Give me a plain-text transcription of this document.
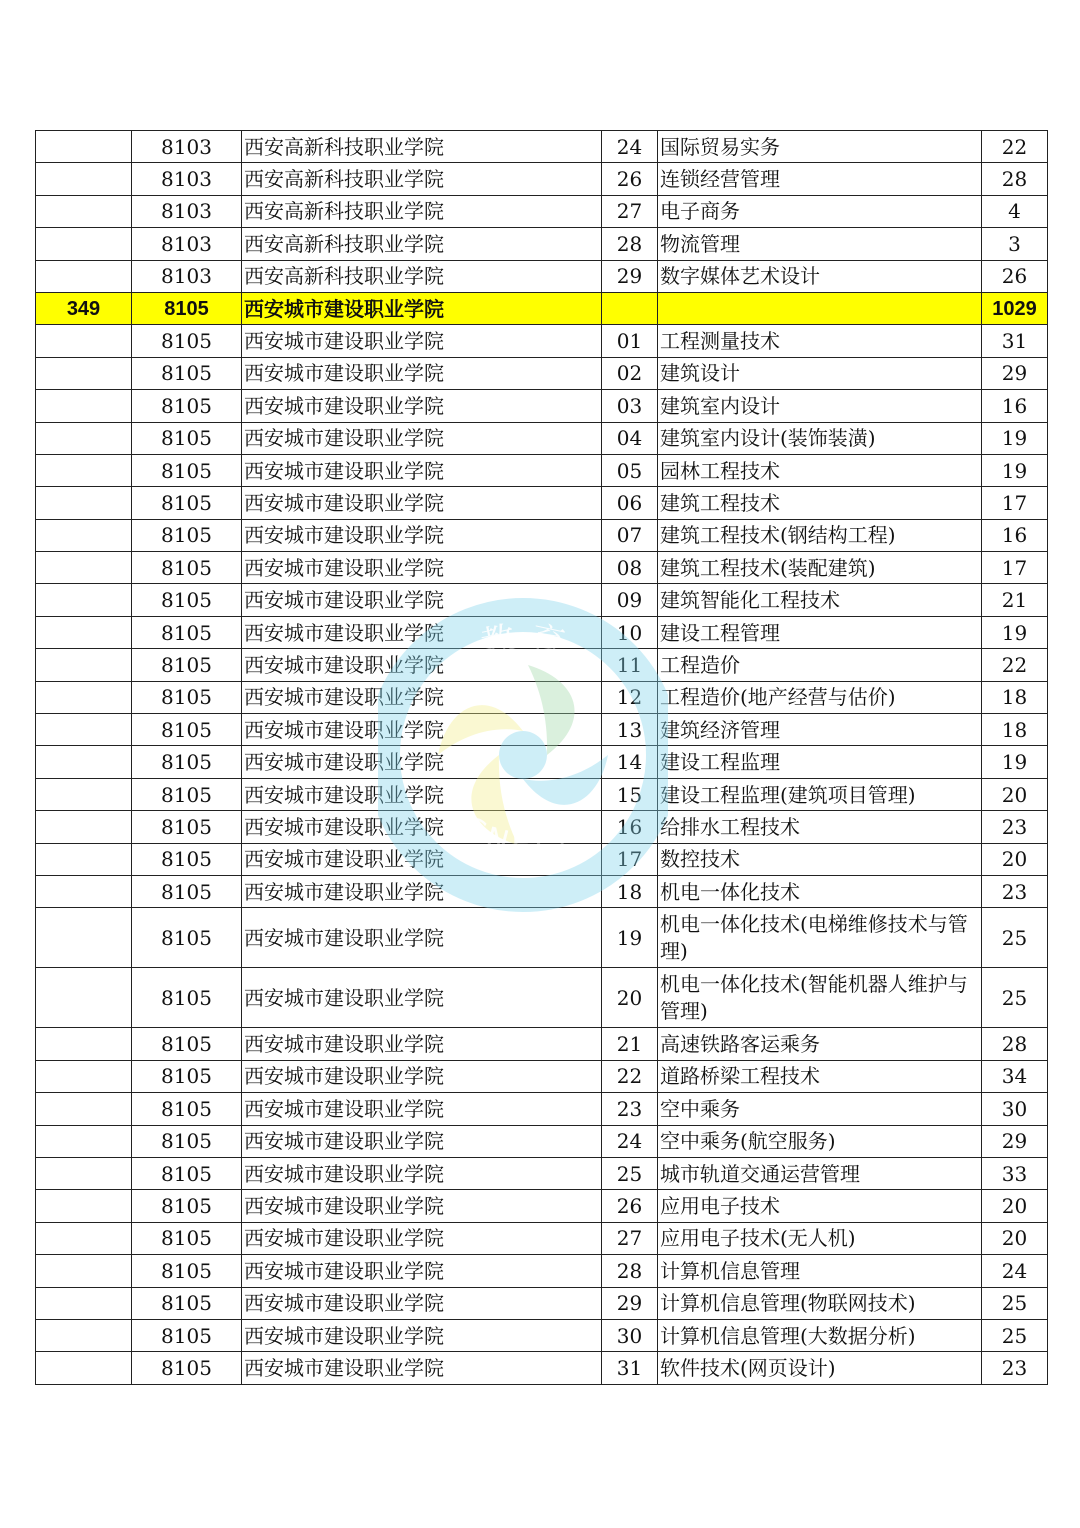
	8103	西安高新科技职业学院	24	国际贸易实务	22
	8103	西安高新科技职业学院	26	连锁经营管理	28
	8103	西安高新科技职业学院	27	电子商务	4
	8103	西安高新科技职业学院	28	物流管理	3
	8103	西安高新科技职业学院	29	数字媒体艺术设计	26
349	8105	西安城市建设职业学院			1029
	8105	西安城市建设职业学院	01	工程测量技术	31
	8105	西安城市建设职业学院	02	建筑设计	29
	8105	西安城市建设职业学院	03	建筑室内设计	16
	8105	西安城市建设职业学院	04	建筑室内设计(装饰装潢)	19
	8105	西安城市建设职业学院	05	园林工程技术	19
	8105	西安城市建设职业学院	06	建筑工程技术	17
	8105	西安城市建设职业学院	07	建筑工程技术(钢结构工程)	16
	8105	西安城市建设职业学院	08	建筑工程技术(装配建筑)	17
	8105	西安城市建设职业学院	09	建筑智能化工程技术	21
	8105	西安城市建设职业学院	10	建设工程管理	19
	8105	西安城市建设职业学院	11	工程造价	22
	8105	西安城市建设职业学院	12	工程造价(地产经营与估价)	18
	8105	西安城市建设职业学院	13	建筑经济管理	18
	8105	西安城市建设职业学院	14	建设工程监理	19
	8105	西安城市建设职业学院	15	建设工程监理(建筑项目管理)	20
	8105	西安城市建设职业学院	16	给排水工程技术	23
	8105	西安城市建设职业学院	17	数控技术	20
	8105	西安城市建设职业学院	18	机电一体化技术	23
	8105	西安城市建设职业学院	19	机电一体化技术(电梯维修技术与管理)	25
	8105	西安城市建设职业学院	20	机电一体化技术(智能机器人维护与管理)	25
	8105	西安城市建设职业学院	21	高速铁路客运乘务	28
	8105	西安城市建设职业学院	22	道路桥梁工程技术	34
	8105	西安城市建设职业学院	23	空中乘务	30
	8105	西安城市建设职业学院	24	空中乘务(航空服务)	29
	8105	西安城市建设职业学院	25	城市轨道交通运营管理	33
	8105	西安城市建设职业学院	26	应用电子技术	20
	8105	西安城市建设职业学院	27	应用电子技术(无人机)	20
	8105	西安城市建设职业学院	28	计算机信息管理	24
	8105	西安城市建设职业学院	29	计算机信息管理(物联网技术)	25
	8105	西安城市建设职业学院	30	计算机信息管理(大数据分析)	25
	8105	西安城市建设职业学院	31	软件技术(网页设计)	23
教 育
SNEEA
